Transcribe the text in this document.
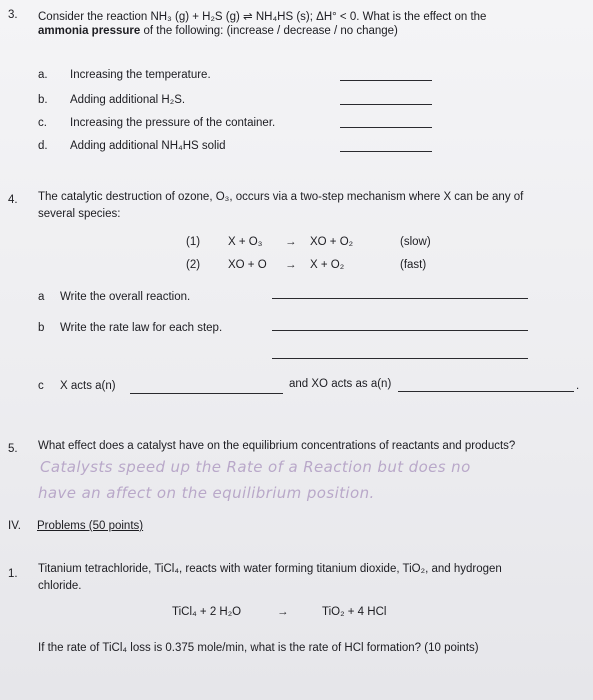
3. Consider the reaction NH₃ (g) + H₂S (g) ⇌ NH₄HS (s); ΔH° < 0. What is the effect on the
ammonia pressure of the following: (increase / decrease / no change)
a. Increasing the temperature.
b. Adding additional H₂S.
c. Increasing the pressure of the container.
d. Adding additional NH₄HS solid
4. The catalytic destruction of ozone, O₃, occurs via a two-step mechanism where X can be any of
several species:
(1) X + O₃ → XO + O₂	(slow)
(2) XO + O → X + O₂	(fast)
a Write the overall reaction.
b Write the rate law for each step.
c X acts a(n)	and XO acts as a(n)	.
5. What effect does a catalyst have on the equilibrium concentrations of reactants and products?
Catalysts speed up the Rate of a Reaction but does no
have an affect on the equilibrium position.
IV. Problems (50 points)
1. Titanium tetrachloride, TiCl₄, reacts with water forming titanium dioxide, TiO₂, and hydrogen
chloride.
TiCl₄ + 2 H₂O	→	TiO₂ + 4 HCl
If the rate of TiCl₄ loss is 0.375 mole/min, what is the rate of HCl formation? (10 points)
